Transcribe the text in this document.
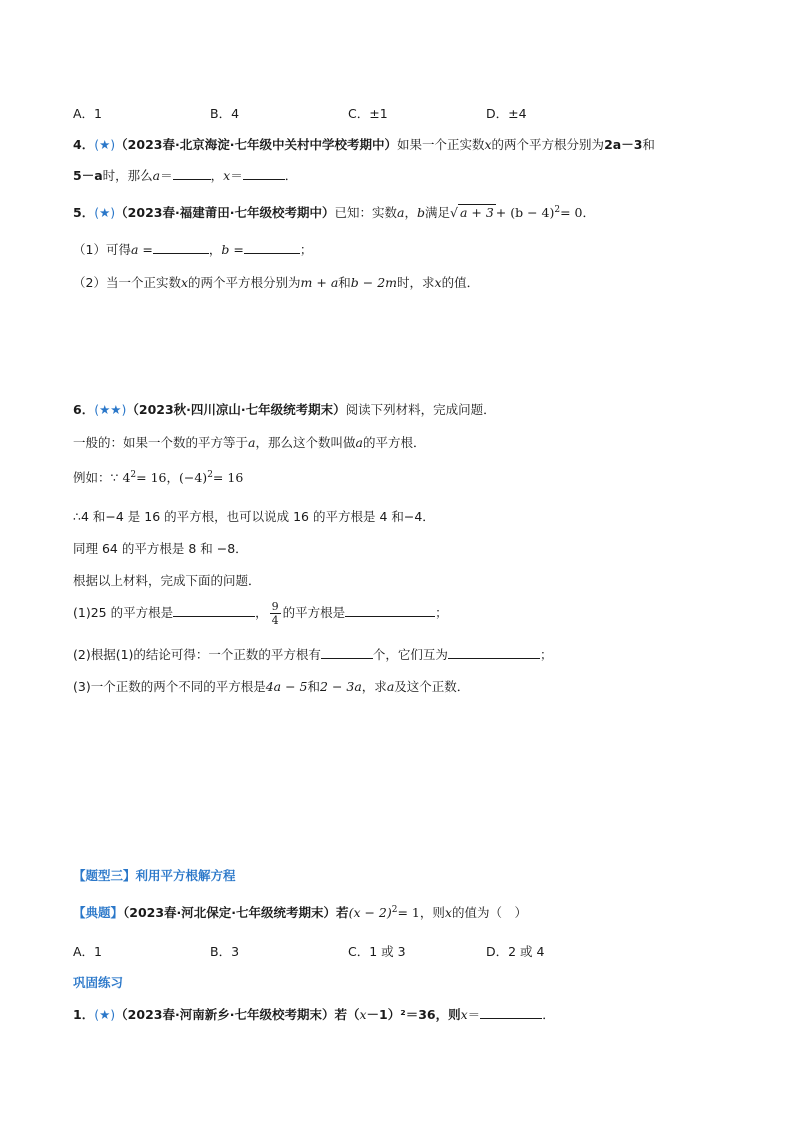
A．1	B．4	C．±1	D．±4
4．(★)（2023春·北京海淀·七年级中关村中学校考期中）如果一个正实数x的两个平方根分别为2a－3和
5－a时，那么a＝	，x＝	．
5．(★)（2023春·福建莆田·七年级校考期中）已知：实数a，b满足√ $a + 3 + (b - 4)^2= 0$．
（1）可得a =	，b =	；
（2）当一个正实数x的两个平方根分别为m + a和b − 2m时，求x的值．
6．(★★)（2023秋·四川凉山·七年级统考期末）阅读下列材料，完成问题．
一般的：如果一个数的平方等于a，那么这个数叫做a的平方根．
例如：∵ $4^2= 16$，$(-4)^2= 16$
∴4 和−4 是 16 的平方根，也可以说成 16 的平方根是 4 和−4．
同理 64 的平方根是 8 和 −8．
根据以上材料，完成下面的问题．
(1)25 的平方根是	， $\frac{9}{4}$ 的平方根是	；
(2)根据(1)的结论可得：一个正数的平方根有	个，它们互为	；
(3)一个正数的两个不同的平方根是4a − 5和2 − 3a，求a及这个正数．
【题型三】利用平方根解方程
【典题】（2023春·河北保定·七年级统考期末）若$(x - 2)^2= 1$，则x的值为（　）
A．1	B．3	C．1 或 3	D．2 或 4
巩固练习
1．(★)（2023春·河南新乡·七年级校考期末）若（x－1）²＝36，则x＝	．
